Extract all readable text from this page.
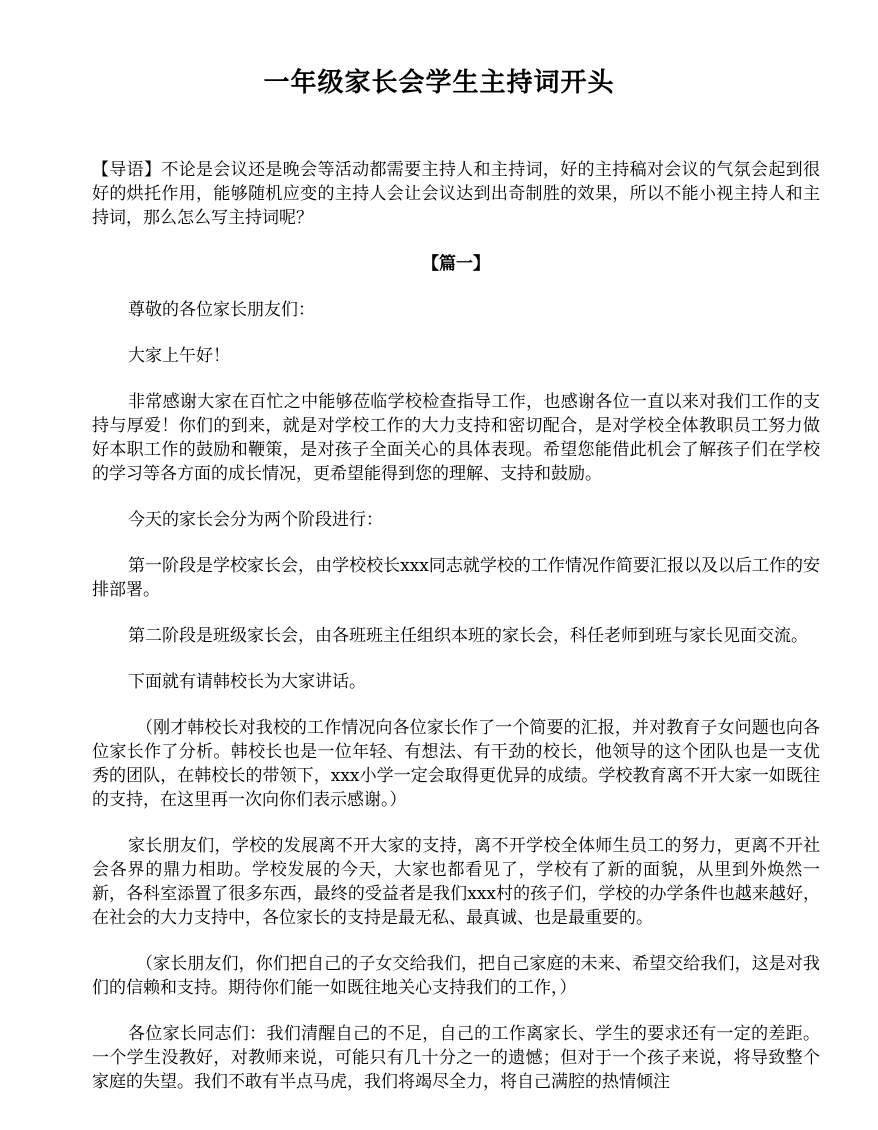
一年级家长会学生主持词开头

【导语】不论是会议还是晚会等活动都需要主持人和主持词，好的主持稿对会议的气氛会起到很好的烘托作用，能够随机应变的主持人会让会议达到出奇制胜的效果，所以不能小视主持人和主持词，那么怎么写主持词呢？

【篇一】

尊敬的各位家长朋友们：

大家上午好！

非常感谢大家在百忙之中能够莅临学校检查指导工作，也感谢各位一直以来对我们工作的支持与厚爱！你们的到来，就是对学校工作的大力支持和密切配合，是对学校全体教职员工努力做好本职工作的鼓励和鞭策，是对孩子全面关心的具体表现。希望您能借此机会了解孩子们在学校的学习等各方面的成长情况，更希望能得到您的理解、支持和鼓励。

今天的家长会分为两个阶段进行：

第一阶段是学校家长会，由学校校长xxx同志就学校的工作情况作简要汇报以及以后工作的安排部署。

第二阶段是班级家长会，由各班班主任组织本班的家长会，科任老师到班与家长见面交流。

下面就有请韩校长为大家讲话。

（刚才韩校长对我校的工作情况向各位家长作了一个简要的汇报，并对教育子女问题也向各位家长作了分析。韩校长也是一位年轻、有想法、有干劲的校长，他领导的这个团队也是一支优秀的团队，在韩校长的带领下，xxx小学一定会取得更优异的成绩。学校教育离不开大家一如既往的支持，在这里再一次向你们表示感谢。）

家长朋友们，学校的发展离不开大家的支持，离不开学校全体师生员工的努力，更离不开社会各界的鼎力相助。学校发展的今天，大家也都看见了，学校有了新的面貌，从里到外焕然一新，各科室添置了很多东西，最终的受益者是我们xxx村的孩子们，学校的办学条件也越来越好，在社会的大力支持中，各位家长的支持是最无私、最真诚、也是最重要的。

（家长朋友们，你们把自己的子女交给我们，把自己家庭的未来、希望交给我们，这是对我们的信赖和支持。期待你们能一如既往地关心支持我们的工作，）

各位家长同志们：我们清醒自己的不足，自己的工作离家长、学生的要求还有一定的差距。一个学生没教好，对教师来说，可能只有几十分之一的遗憾；但对于一个孩子来说，将导致整个家庭的失望。我们不敢有半点马虎，我们将竭尽全力，将自己满腔的热情倾注
